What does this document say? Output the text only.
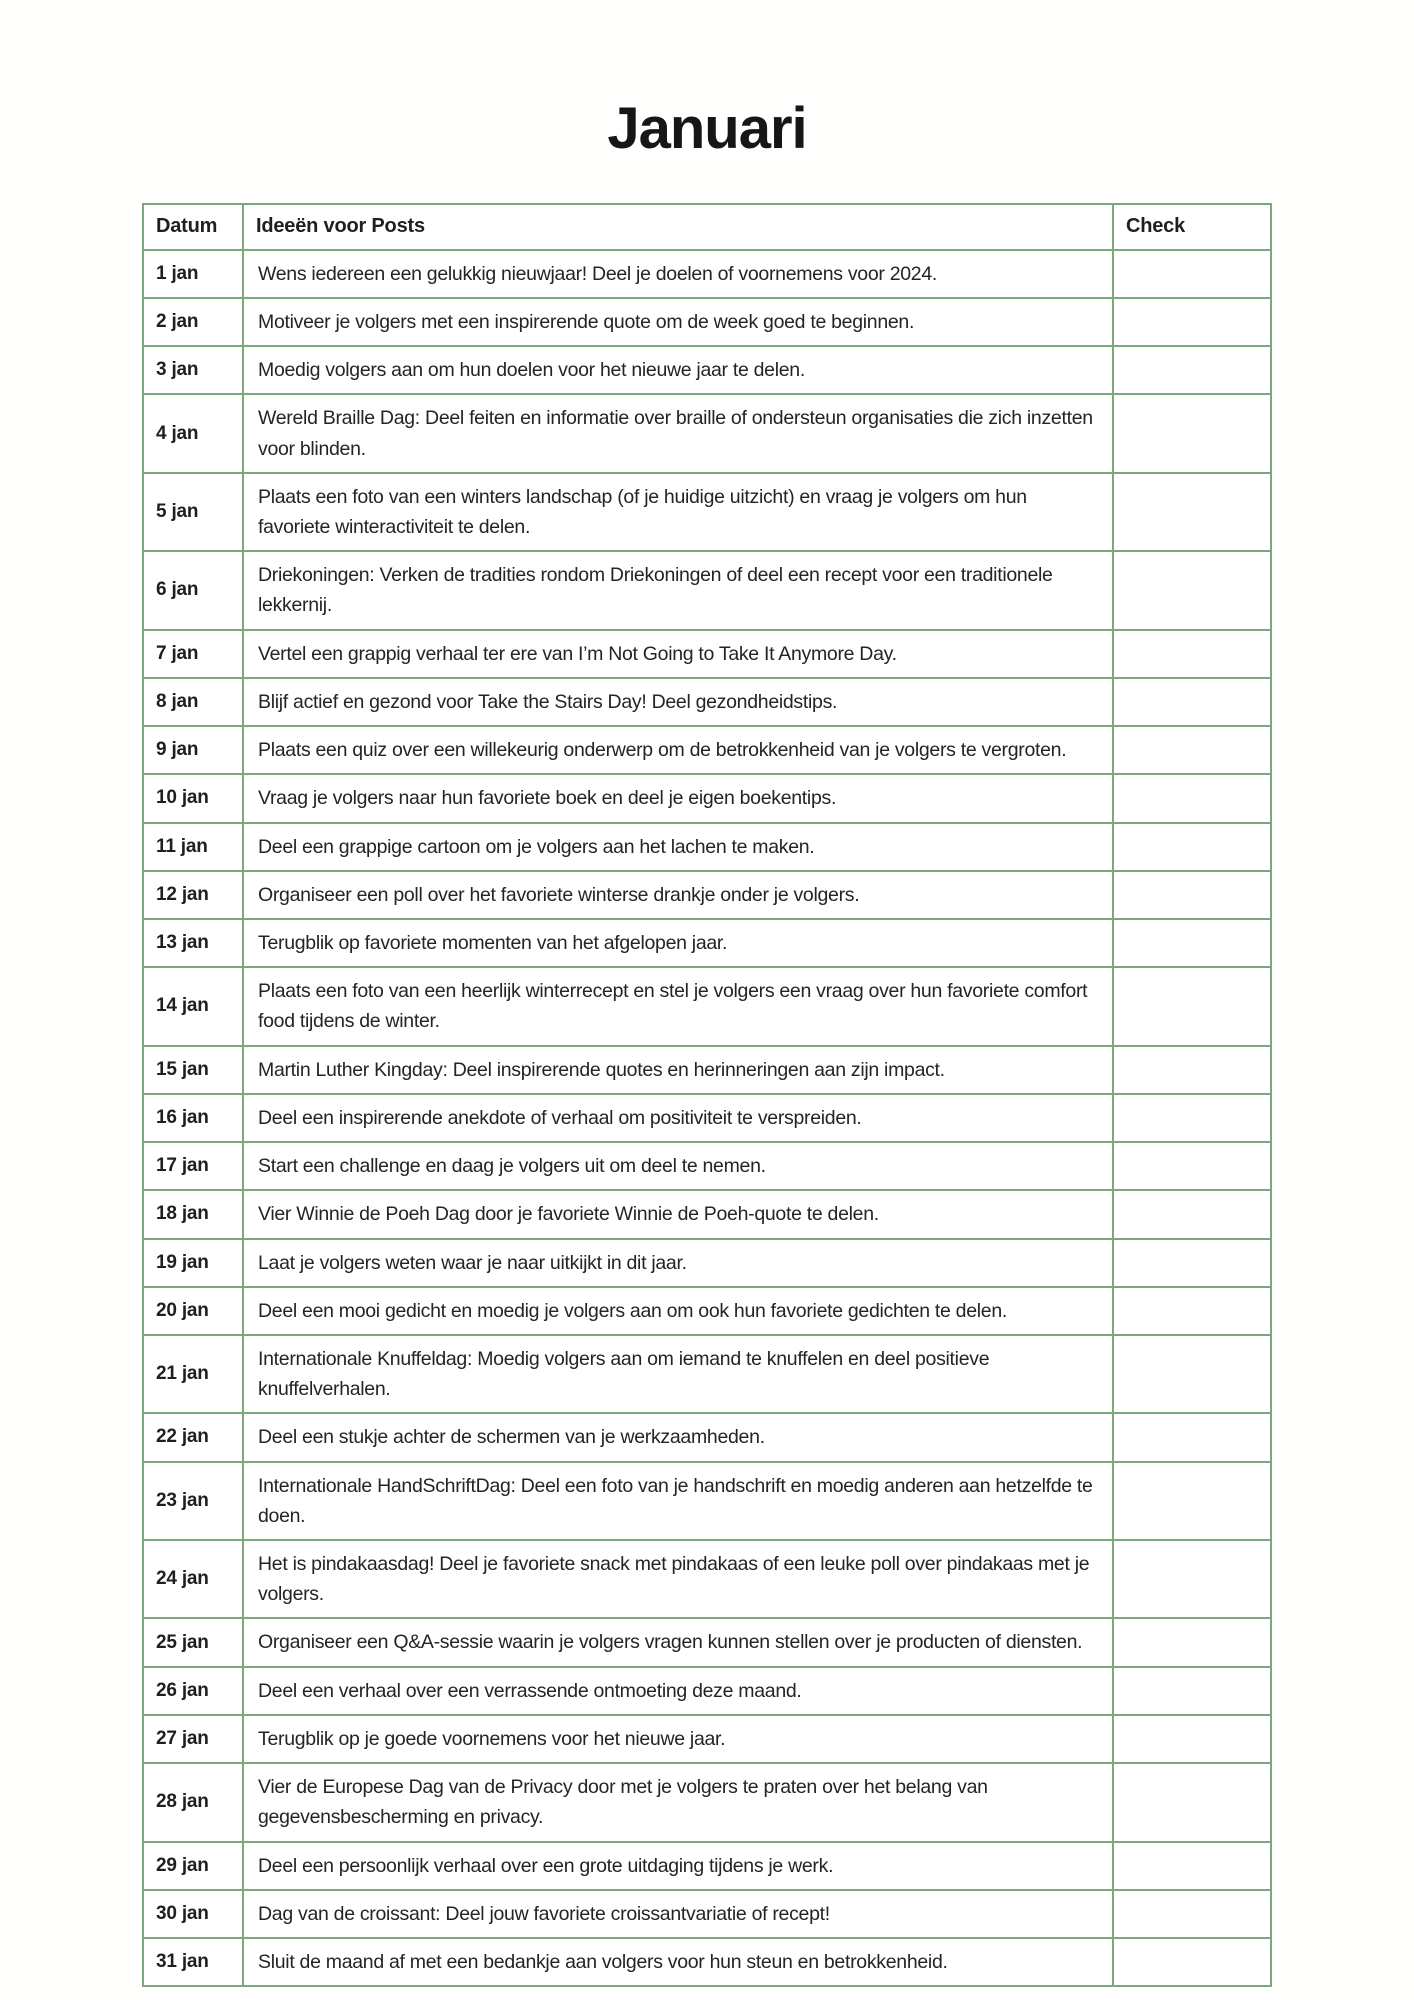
Januari
Datum	Ideeën voor Posts	Check
1 jan	Wens iedereen een gelukkig nieuwjaar! Deel je doelen of voornemens voor 2024.	
2 jan	Motiveer je volgers met een inspirerende quote om de week goed te beginnen.	
3 jan	Moedig volgers aan om hun doelen voor het nieuwe jaar te delen.	
4 jan	Wereld Braille Dag: Deel feiten en informatie over braille of ondersteun organisaties die zich inzetten voor blinden.	
5 jan	Plaats een foto van een winters landschap (of je huidige uitzicht) en vraag je volgers om hun favoriete winteractiviteit te delen.	
6 jan	Driekoningen: Verken de tradities rondom Driekoningen of deel een recept voor een traditionele lekkernij.	
7 jan	Vertel een grappig verhaal ter ere van I’m Not Going to Take It Anymore Day.	
8 jan	Blijf actief en gezond voor Take the Stairs Day! Deel gezondheidstips.	
9 jan	Plaats een quiz over een willekeurig onderwerp om de betrokkenheid van je volgers te vergroten.	
10 jan	Vraag je volgers naar hun favoriete boek en deel je eigen boekentips.	
11 jan	Deel een grappige cartoon om je volgers aan het lachen te maken.	
12 jan	Organiseer een poll over het favoriete winterse drankje onder je volgers.	
13 jan	Terugblik op favoriete momenten van het afgelopen jaar.	
14 jan	Plaats een foto van een heerlijk winterrecept en stel je volgers een vraag over hun favoriete comfort food tijdens de winter.	
15 jan	Martin Luther Kingday: Deel inspirerende quotes en herinneringen aan zijn impact.	
16 jan	Deel een inspirerende anekdote of verhaal om positiviteit te verspreiden.	
17 jan	Start een challenge en daag je volgers uit om deel te nemen.	
18 jan	Vier Winnie de Poeh Dag door je favoriete Winnie de Poeh-quote te delen.	
19 jan	Laat je volgers weten waar je naar uitkijkt in dit jaar.	
20 jan	Deel een mooi gedicht en moedig je volgers aan om ook hun favoriete gedichten te delen.	
21 jan	Internationale Knuffeldag: Moedig volgers aan om iemand te knuffelen en deel positieve knuffelverhalen.	
22 jan	Deel een stukje achter de schermen van je werkzaamheden.	
23 jan	Internationale HandSchriftDag: Deel een foto van je handschrift en moedig anderen aan hetzelfde te doen.	
24 jan	Het is pindakaasdag! Deel je favoriete snack met pindakaas of een leuke poll over pindakaas met je volgers.	
25 jan	Organiseer een Q&A-sessie waarin je volgers vragen kunnen stellen over je producten of diensten.	
26 jan	Deel een verhaal over een verrassende ontmoeting deze maand.	
27 jan	Terugblik op je goede voornemens voor het nieuwe jaar.	
28 jan	Vier de Europese Dag van de Privacy door met je volgers te praten over het belang van gegevensbescherming en privacy.	
29 jan	Deel een persoonlijk verhaal over een grote uitdaging tijdens je werk.	
30 jan	Dag van de croissant: Deel jouw favoriete croissantvariatie of recept!	
31 jan	Sluit de maand af met een bedankje aan volgers voor hun steun en betrokkenheid.	
